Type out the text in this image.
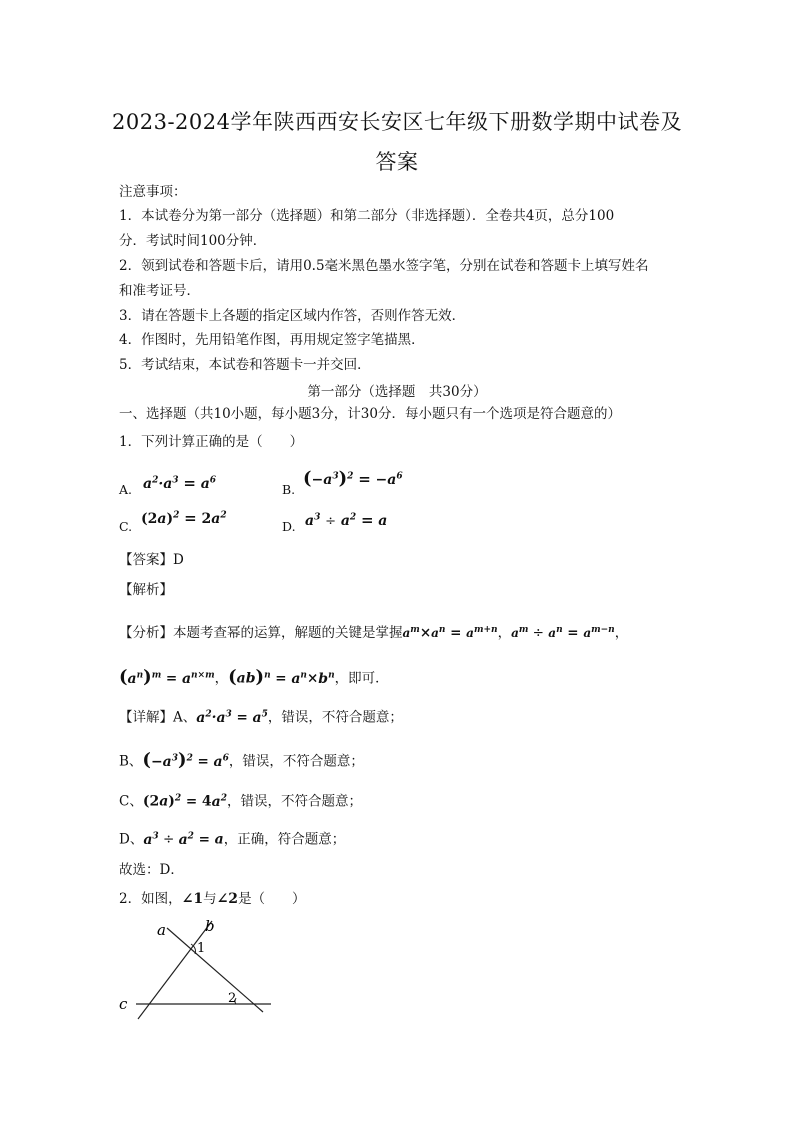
2023-2024学年陕西西安长安区七年级下册数学期中试卷及
答案
注意事项：
1．本试卷分为第一部分（选择题）和第二部分（非选择题）．全卷共4页，总分100
分．考试时间100分钟．
2．领到试卷和答题卡后，请用0.5毫米黑色墨水签字笔，分别在试卷和答题卡上填写姓名
和准考证号．
3．请在答题卡上各题的指定区域内作答，否则作答无效．
4．作图时，先用铅笔作图，再用规定签字笔描黑．
5．考试结束，本试卷和答题卡一并交回．
第一部分（选择题　共30分）
一、选择题（共10小题，每小题3分，计30分．每小题只有一个选项是符合题意的）
1．下列计算正确的是（　　）
A. $a^2\cdot a^3 = a^6$
B.
$(-a^3)^2 = -a^6$
C. $(2a)^2 = 2a^2$
D. $a^3 \div a^2 = a$
【答案】D
【解析】
【分析】本题考查幂的运算，解题的关键是掌握$a^m\times a^n = a^{m+n}$，$a^m \div a^n = a^{m-n}$，
$(a^n)^m = a^{n\times m}$，$(ab)^n = a^n\times b^n$，即可．
【详解】A、$a^2\cdot a^3 = a^5$，错误，不符合题意；
B、$(-a^3)^2 = a^6$，错误，不符合题意；
C、$(2a)^2 = 4a^2$，错误，不符合题意；
D、$a^3 \div a^2 = a$，正确，符合题意；
故选：D．
2．如图，∠1与∠2是（　　）
a	b
c
1
2
